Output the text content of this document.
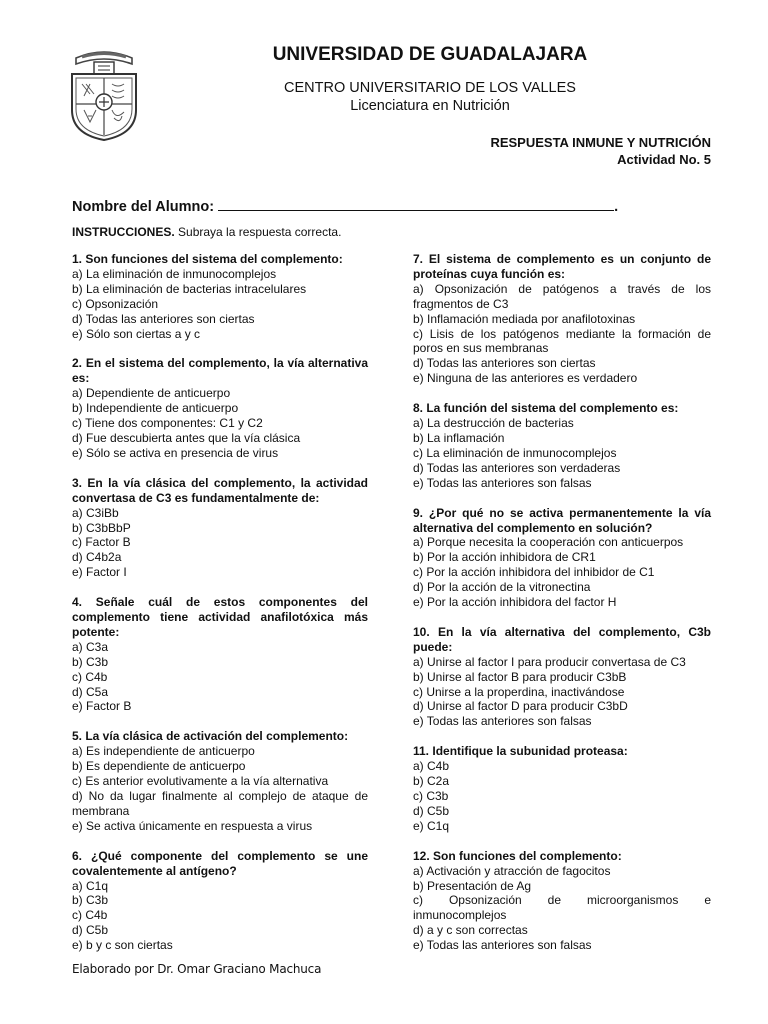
UNIVERSIDAD DE GUADALAJARA
CENTRO UNIVERSITARIO DE LOS VALLES
Licenciatura en Nutrición
RESPUESTA INMUNE Y NUTRICIÓN
Actividad No. 5
Nombre del Alumno:	.
INSTRUCCIONES. Subraya la respuesta correcta.
1. Son funciones del sistema del complemento:
a) La eliminación de inmunocomplejos
b) La eliminación de bacterias intracelulares
c) Opsonización
d) Todas las anteriores son ciertas
e) Sólo son ciertas a y c
2. En el sistema del complemento, la vía alternativa es:
a) Dependiente de anticuerpo
b) Independiente de anticuerpo
c) Tiene dos componentes: C1 y C2
d) Fue descubierta antes que la vía clásica
e) Sólo se activa en presencia de virus
3. En la vía clásica del complemento, la actividad convertasa de C3 es fundamentalmente de:
a) C3iBb
b) C3bBbP
c) Factor B
d) C4b2a
e) Factor I
4. Señale cuál de estos componentes del complemento tiene actividad anafilotóxica más potente:
a) C3a
b) C3b
c) C4b
d) C5a
e) Factor B
5. La vía clásica de activación del complemento:
a) Es independiente de anticuerpo
b) Es dependiente de anticuerpo
c) Es anterior evolutivamente a la vía alternativa
d) No da lugar finalmente al complejo de ataque de membrana
e) Se activa únicamente en respuesta a virus
6. ¿Qué componente del complemento se une covalentemente al antígeno?
a) C1q
b) C3b
c) C4b
d) C5b
e) b y c son ciertas
7. El sistema de complemento es un conjunto de proteínas cuya función es:
a) Opsonización de patógenos a través de los fragmentos de C3
b) Inflamación mediada por anafilotoxinas
c) Lisis de los patógenos mediante la formación de poros en sus membranas
d) Todas las anteriores son ciertas
e) Ninguna de las anteriores es verdadero
8. La función del sistema del complemento es:
a) La destrucción de bacterias
b) La inflamación
c) La eliminación de inmunocomplejos
d) Todas las anteriores son verdaderas
e) Todas las anteriores son falsas
9. ¿Por qué no se activa permanentemente la vía alternativa del complemento en solución?
a) Porque necesita la cooperación con anticuerpos
b) Por la acción inhibidora de CR1
c) Por la acción inhibidora del inhibidor de C1
d) Por la acción de la vitronectina
e) Por la acción inhibidora del factor H
10. En la vía alternativa del complemento, C3b puede:
a) Unirse al factor I para producir convertasa de C3
b) Unirse al factor B para producir C3bB
c) Unirse a la properdina, inactivándose
d) Unirse al factor D para producir C3bD
e) Todas las anteriores son falsas
11. Identifique la subunidad proteasa:
a) C4b
b) C2a
c) C3b
d) C5b
e) C1q
12. Son funciones del complemento:
a) Activación y atracción de fagocitos
b) Presentación de Ag
c) Opsonización de microorganismos e inmunocomplejos
d) a y c son correctas
e) Todas las anteriores son falsas
Elaborado por Dr. Omar Graciano Machuca
